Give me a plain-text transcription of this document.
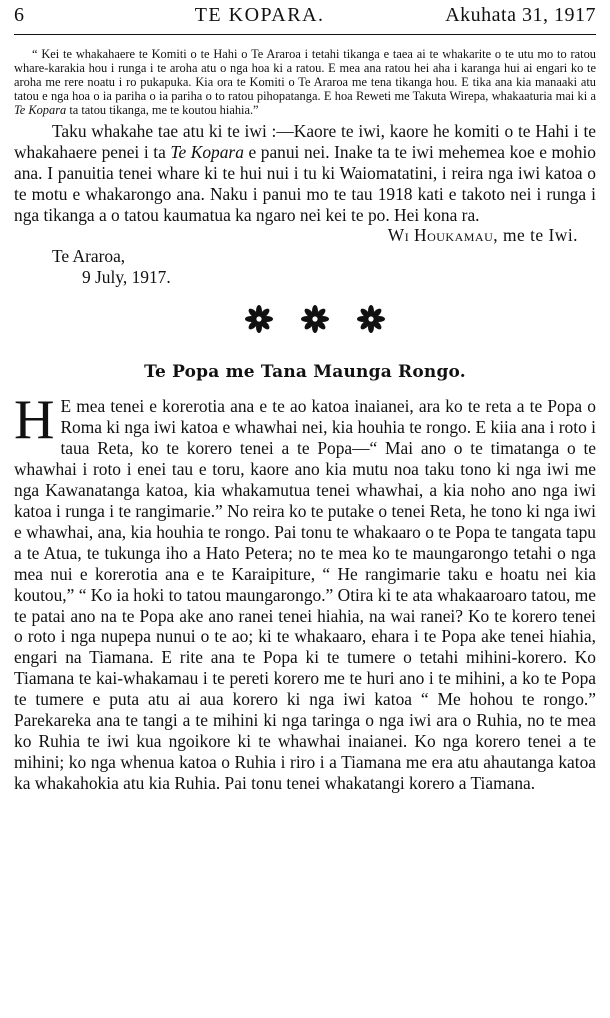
6	TE KOPARA.	Akuhata 31, 1917
“ Kei te whakahaere te Komiti o te Hahi o Te Araroa i tetahi tikanga e taea ai te whakarite o te utu mo to ratou whare-karakia hou i runga i te aroha atu o nga hoa ki a ratou. E mea ana ratou hei aha i karanga hui ai engari ko te aroha me rere noatu i ro pukapuka. Kia ora te Komiti o Te Araroa me tena tikanga hou. E tika ana kia manaaki atu tatou e nga hoa o ia pariha o ia pariha o to ratou pihopatanga. E hoa Reweti me Takuta Wirepa, whakaaturia mai ki a Te Kopara ta tatou tikanga, me te koutou hiahia.”
Taku whakahe tae atu ki te iwi :—Kaore te iwi, kaore he komiti o te Hahi i te whakahaere penei i ta Te Kopara e panui nei. Inake ta te iwi mehemea koe e mohio ana. I panuitia tenei whare ki te hui nui i tu ki Waiomatatini, i reira nga iwi katoa o te motu e whakarongo ana. Naku i panui mo te tau 1918 kati e takoto nei i runga i nga tikanga a o tatou kaumatua ka ngaro nei kei te po. Hei kona ra.
Wi Houkamau, me te Iwi.
Te Araroa,
9 July, 1917.
Te Popa me Tana Maunga Rongo.
H E mea tenei e korerotia ana e te ao katoa inaianei, ara ko te reta a te Popa o Roma ki nga iwi katoa e whawhai nei, kia houhia te rongo. E kiia ana i roto i taua Reta, ko te korero tenei a te Popa—“ Mai ano o te timatanga o te whawhai i roto i enei tau e toru, kaore ano kia mutu noa taku tono ki nga iwi me nga Kawanatanga katoa, kia whakamutua tenei whawhai, a kia noho ano nga iwi katoa i runga i te rangimarie.” No reira ko te putake o tenei Reta, he tono ki nga iwi e whawhai, ana, kia houhia te rongo. Pai tonu te whakaaro o te Popa te tangata tapu a te Atua, te tukunga iho a Hato Petera; no te mea ko te maungarongo tetahi o nga mea nui e korerotia ana e te Karaipiture, “ He rangimarie taku e hoatu nei kia koutou,” “ Ko ia hoki to tatou maungarongo.” Otira ki te ata whakaaroaro tatou, me te patai ano na te Popa ake ano ranei tenei hiahia, na wai ranei? Ko te korero tenei o roto i nga nupepa nunui o te ao; ki te whakaaro, ehara i te Popa ake tenei hiahia, engari na Tiamana. E rite ana te Popa ki te tumere o tetahi mihini-korero. Ko Tiamana te kai-whakamau i te pereti korero me te huri ano i te mihini, a ko te Popa te tumere e puta atu ai aua korero ki nga iwi katoa “ Me hohou te rongo.” Parekareka ana te tangi a te mihini ki nga taringa o nga iwi ara o Ruhia, no te mea ko Ruhia te iwi kua ngoikore ki te whawhai inaianei. Ko nga korero tenei a te mihini; ko nga whenua katoa o Ruhia i riro i a Tiamana me era atu ahautanga katoa ka whakahokia atu kia Ruhia. Pai tonu tenei whakatangi korero a Tiamana.
